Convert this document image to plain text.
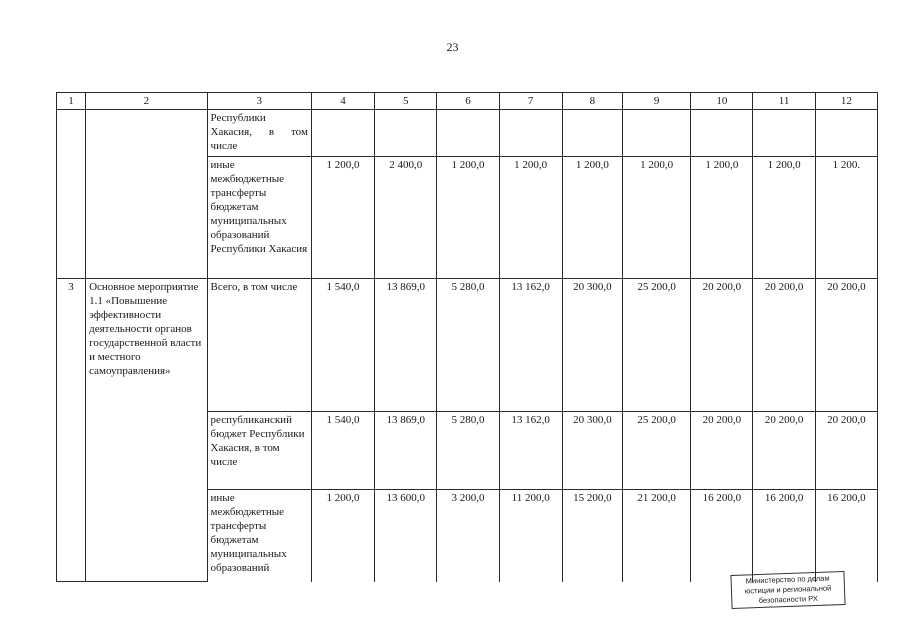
23
1	2	3	4	5	6	7	8	9	10	11	12
		Республики Хакасия, в том числе									
		иные межбюджетные трансферты бюджетам муниципальных образований Республики Хакасия	1 200,0	2 400,0	1 200,0	1 200,0	1 200,0	1 200,0	1 200,0	1 200,0	1 200.
3	Основное мероприятие 1.1 «Повышение эффективности деятельности органов государственной власти и местного самоуправления»	Всего, в том числе	1 540,0	13 869,0	5 280,0	13 162,0	20 300,0	25 200,0	20 200,0	20 200,0	20 200,0
		республиканский бюджет Республики Хакасия, в том числе	1 540,0	13 869,0	5 280,0	13 162,0	20 300,0	25 200,0	20 200,0	20 200,0	20 200,0
		иные межбюджетные трансферты бюджетам муниципальных образований	1 200,0	13 600,0	3 200,0	11 200,0	15 200,0	21 200,0	16 200,0	16 200,0	16 200,0
Министерство по делам
юстиции и региональной
безопасности РХ
